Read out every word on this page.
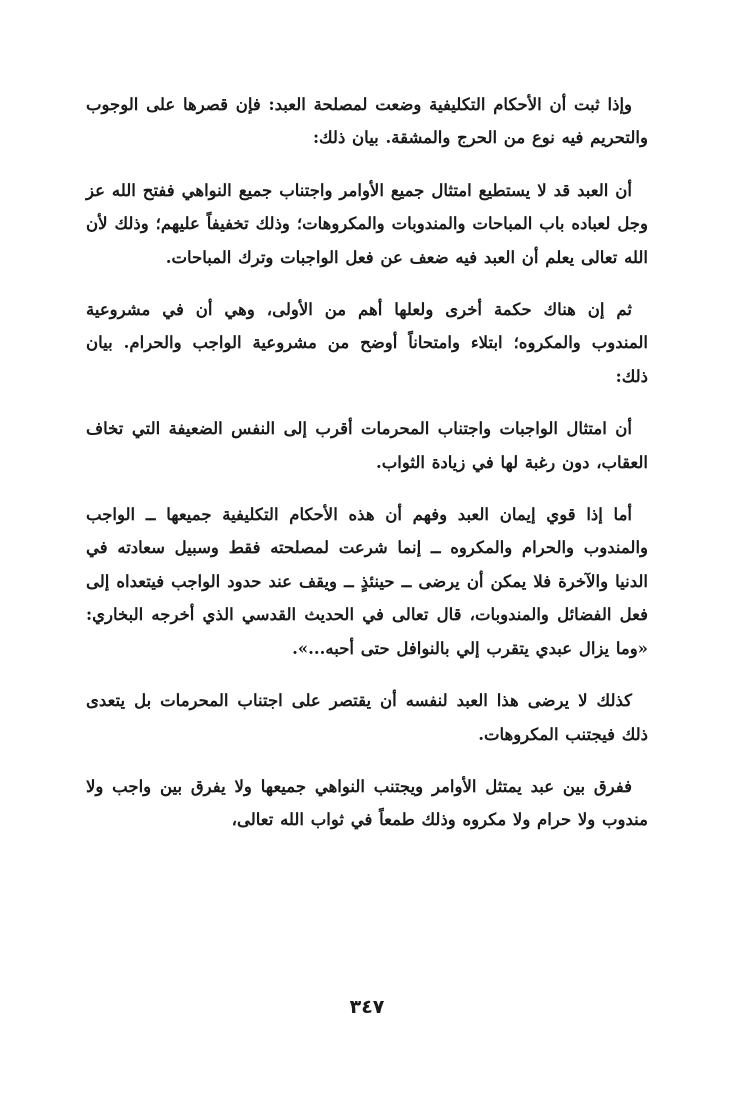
وإذا ثبت أن الأحكام التكليفية وضعت لمصلحة العبد: فإن قصرها على الوجوب والتحريم فيه نوع من الحرج والمشقة. بيان ذلك:

أن العبد قد لا يستطيع امتثال جميع الأوامر واجتناب جميع النواهي ففتح الله عز وجل لعباده باب المباحات والمندوبات والمكروهات؛ وذلك تخفيفاً عليهم؛ وذلك لأن الله تعالى يعلم أن العبد فيه ضعف عن فعل الواجبات وترك المباحات.

ثم إن هناك حكمة أخرى ولعلها أهم من الأولى، وهي أن في مشروعية المندوب والمكروه؛ ابتلاء وامتحاناً أوضح من مشروعية الواجب والحرام. بيان ذلك:

أن امتثال الواجبات واجتناب المحرمات أقرب إلى النفس الضعيفة التي تخاف العقاب، دون رغبة لها في زيادة الثواب.

أما إذا قوي إيمان العبد وفهم أن هذه الأحكام التكليفية جميعها ــ الواجب والمندوب والحرام والمكروه ــ إنما شرعت لمصلحته فقط وسبيل سعادته في الدنيا والآخرة فلا يمكن أن يرضى ــ حينئذٍ ــ ويقف عند حدود الواجب فيتعداه إلى فعل الفضائل والمندوبات، قال تعالى في الحديث القدسي الذي أخرجه البخاري: «وما يزال عبدي يتقرب إلي بالنوافل حتى أحبه...».

كذلك لا يرضى هذا العبد لنفسه أن يقتصر على اجتناب المحرمات بل يتعدى ذلك فيجتنب المكروهات.

ففرق بين عبد يمتثل الأوامر ويجتنب النواهي جميعها ولا يفرق بين واجب ولا مندوب ولا حرام ولا مكروه وذلك طمعاً في ثواب الله تعالى،

٣٤٧
